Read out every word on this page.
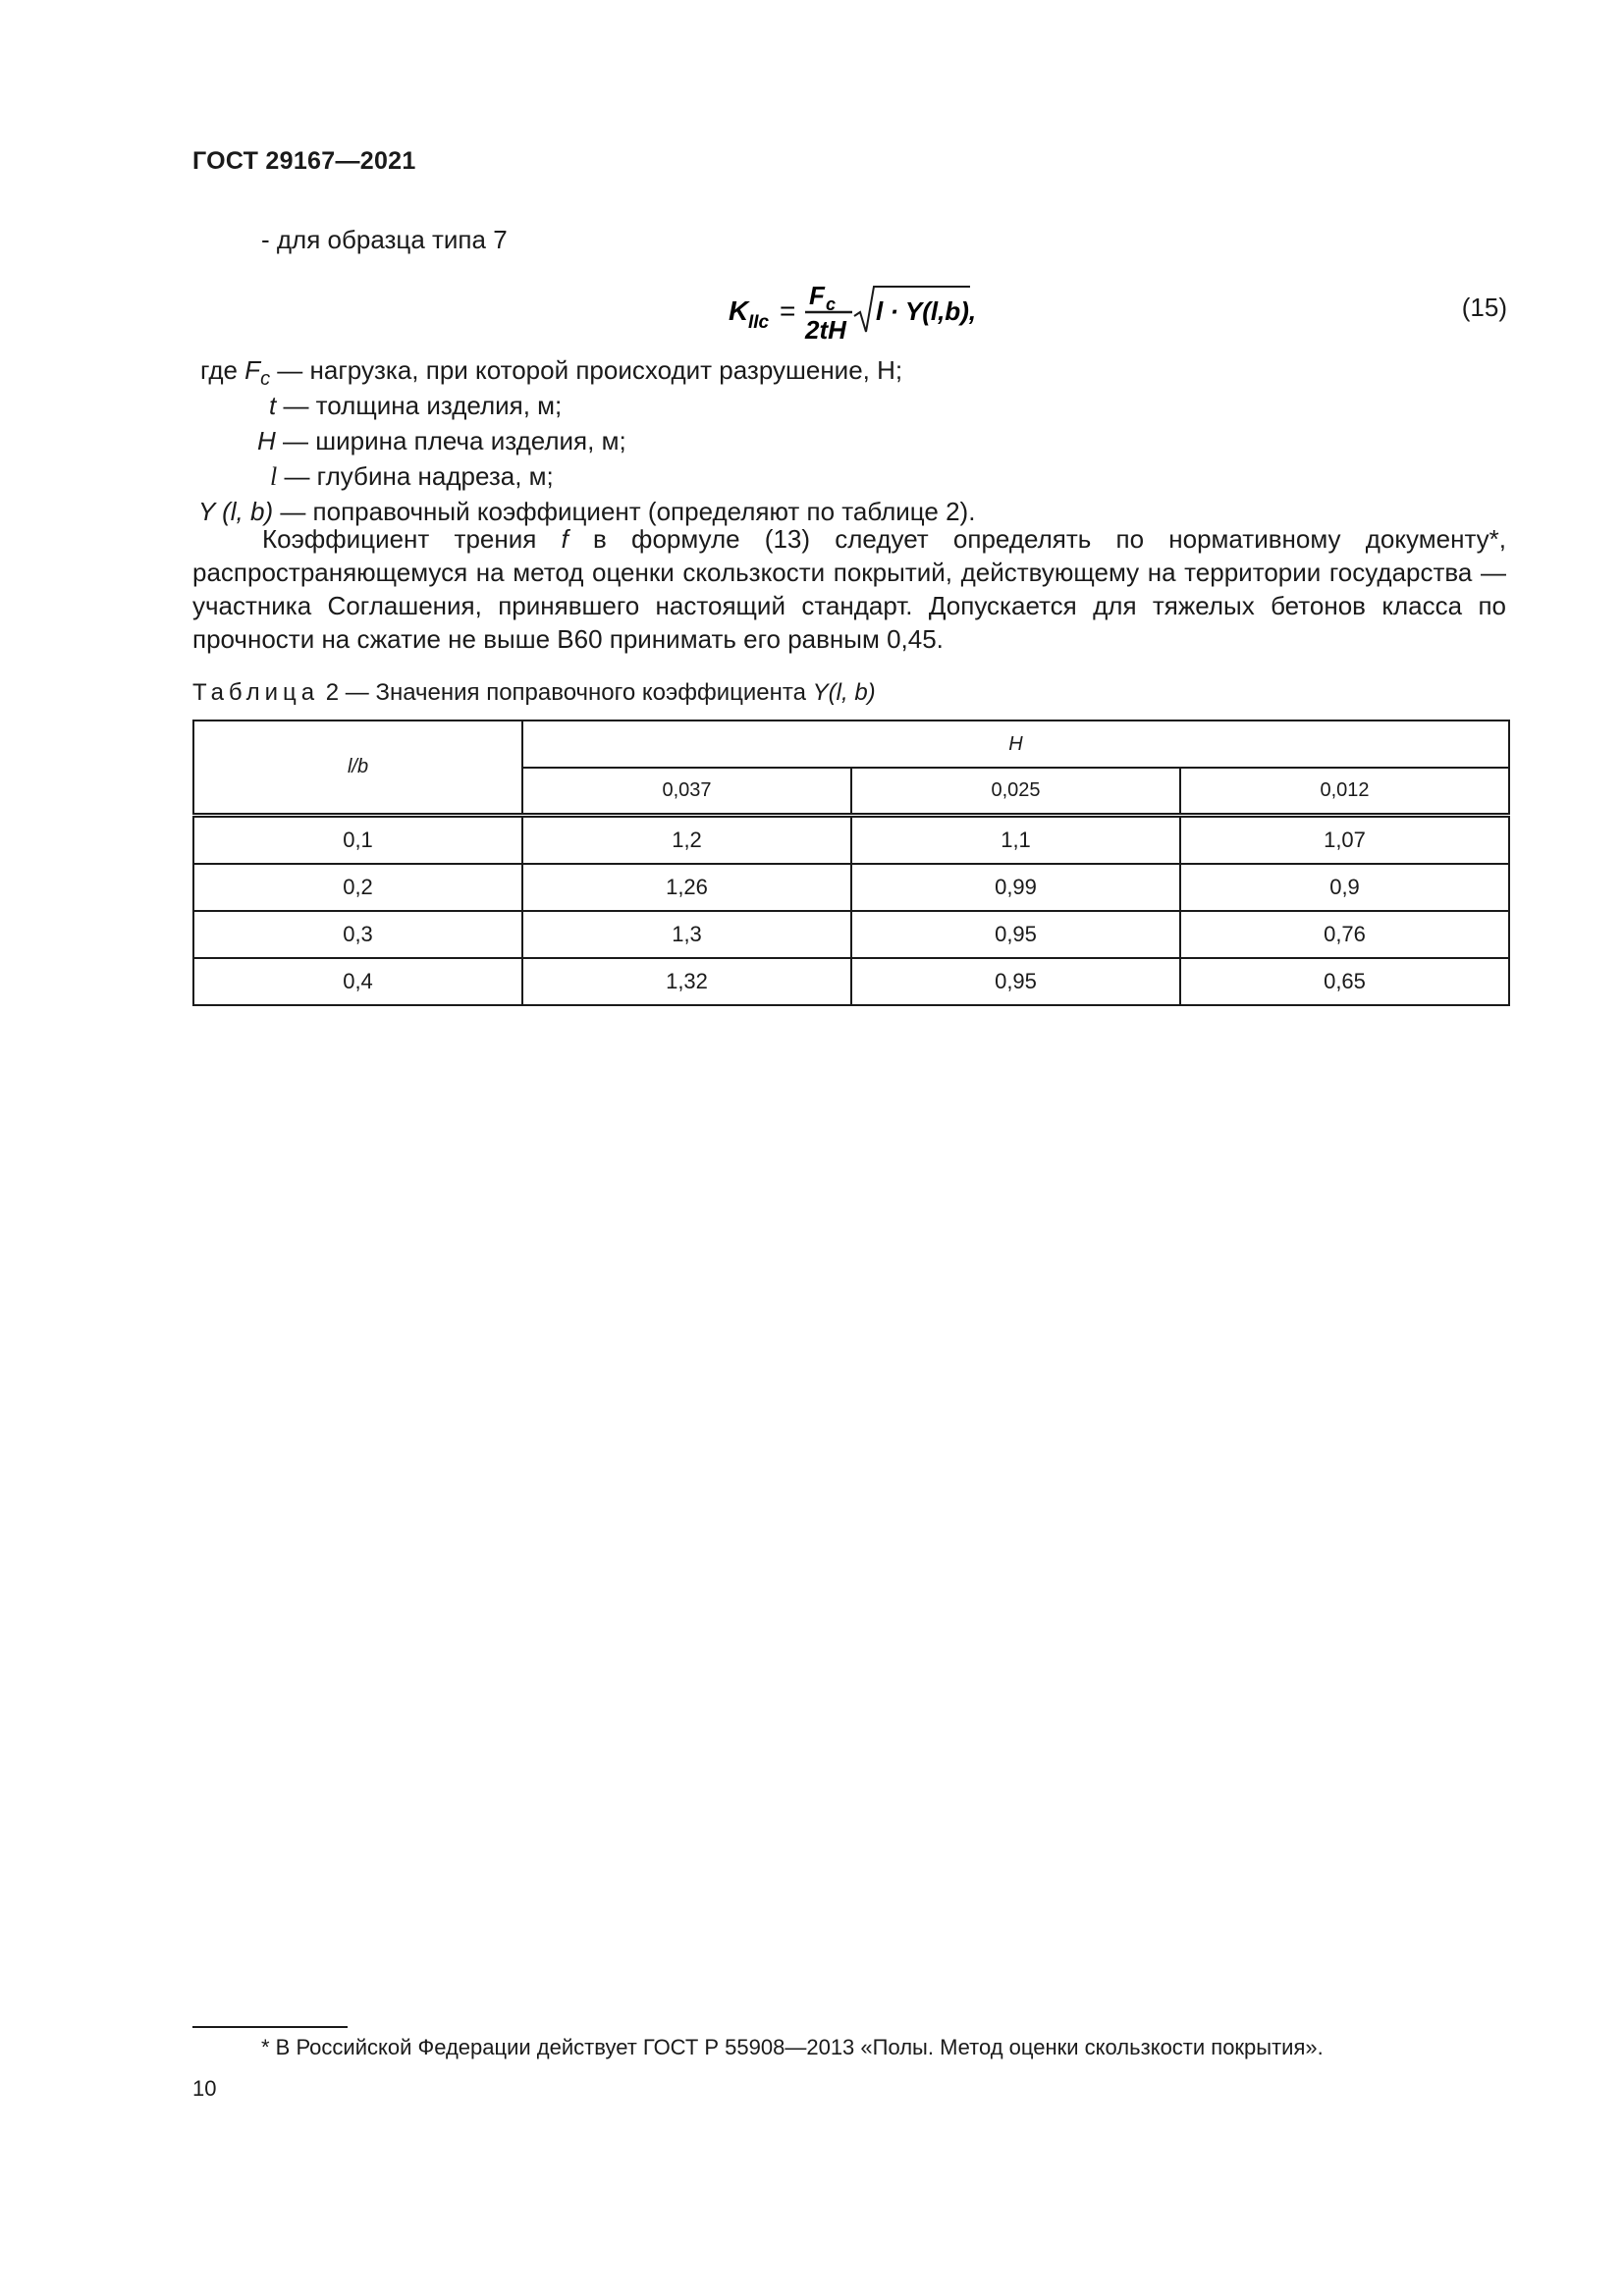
ГОСТ 29167—2021
- для образца типа 7
K IIc = F c
2tH
l · Y(l,b),	(15)
где $F_c$ — нагрузка, при которой происходит разрушение, Н;
t — толщина изделия, м;
H — ширина плеча изделия, м;
l — глубина надреза, м;
Y (l, b) — поправочный коэффициент (определяют по таблице 2).

Коэффициент трения f в формуле (13) следует определять по нормативному документу*, распространяющемуся на метод оценки скользкости покрытий, действующему на территории государства — участника Соглашения, принявшего настоящий стандарт. Допускается для тяжелых бетонов класса по прочности на сжатие не выше В60 принимать его равным 0,45.

Таблица 2 — Значения поправочного коэффициента Y(l, b)
l/b	H		
	0,037	0,025	0,012
0,1	1,2	1,1	1,07
0,2	1,26	0,99	0,9
0,3	1,3	0,95	0,76
0,4	1,32	0,95	0,65
* В Российской Федерации действует ГОСТ Р 55908—2013 «Полы. Метод оценки скользкости покрытия».
10
